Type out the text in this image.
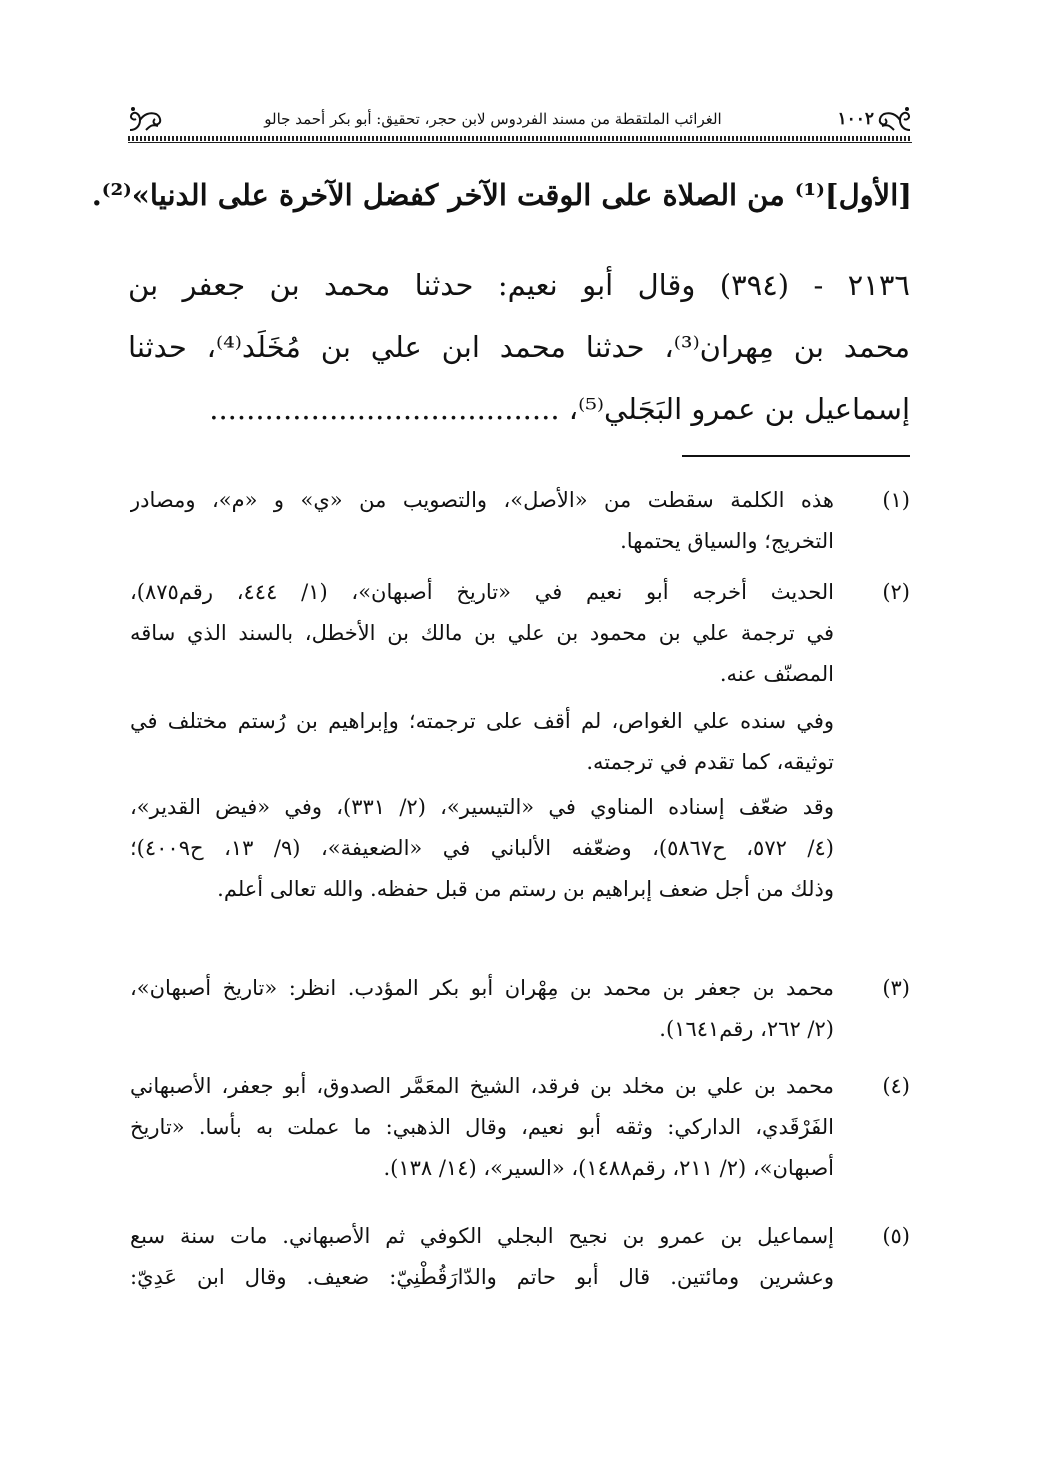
١٠٠٢
الغرائب الملتقطة من مسند الفردوس لابن حجر، تحقيق: أبو بكر أحمد جالو
[الأول]⁽¹⁾ من الصلاة على الوقت الآخر كفضل الآخرة على الدنيا»⁽²⁾.
٢١٣٦ - (٣٩٤) وقال أبو نعيم: حدثنا محمد بن جعفر بن
محمد بن مِهران⁽³⁾، حدثنا محمد ابن علي بن مُخَلَد⁽⁴⁾، حدثنا
إسماعيل بن عمرو البَجَلي⁽⁵⁾، ......................................
(١)
هذه الكلمة سقطت من «الأصل»، والتصويب من «ي» و «م»، ومصادر
التخريج؛ والسياق يحتمها.
(٢)
الحديث أخرجه أبو نعيم في «تاريخ أصبهان»، (١/ ٤٤٤، رقم٨٧٥)،
في ترجمة علي بن محمود بن علي بن مالك بن الأخطل، بالسند الذي ساقه
المصنّف عنه.
وفي سنده علي الغواص، لم أقف على ترجمته؛ وإبراهيم بن رُستم مختلف في
توثيقه، كما تقدم في ترجمته.
وقد ضعّف إسناده المناوي في «التيسير»، (٢/ ٣٣١)، وفي «فيض القدير»،
(٤/ ٥٧٢، ح٥٨٦٧)، وضعّفه الألباني في «الضعيفة»، (٩/ ١٣، ح٤٠٠٩)؛
وذلك من أجل ضعف إبراهيم بن رستم من قبل حفظه. والله تعالى أعلم.
(٣)
محمد بن جعفر بن محمد بن مِهْران أبو بكر المؤدب. انظر: «تاريخ أصبهان»،
(٢/ ٢٦٢، رقم١٦٤١).
(٤)
محمد بن علي بن مخلد بن فرقد، الشيخ المعَمَّر الصدوق، أبو جعفر، الأصبهاني
الفَرْقَدي، الداركي: وثقه أبو نعيم، وقال الذهبي: ما عملت به بأسا. «تاريخ
أصبهان»، (٢/ ٢١١، رقم١٤٨٨)، «السير»، (١٤/ ١٣٨).
(٥)
إسماعيل بن عمرو بن نجيح البجلي الكوفي ثم الأصبهاني. مات سنة سبع
وعشرين ومائتين. قال أبو حاتم والدّارَقُطْنِيّ: ضعيف. وقال ابن عَدِيّ:
